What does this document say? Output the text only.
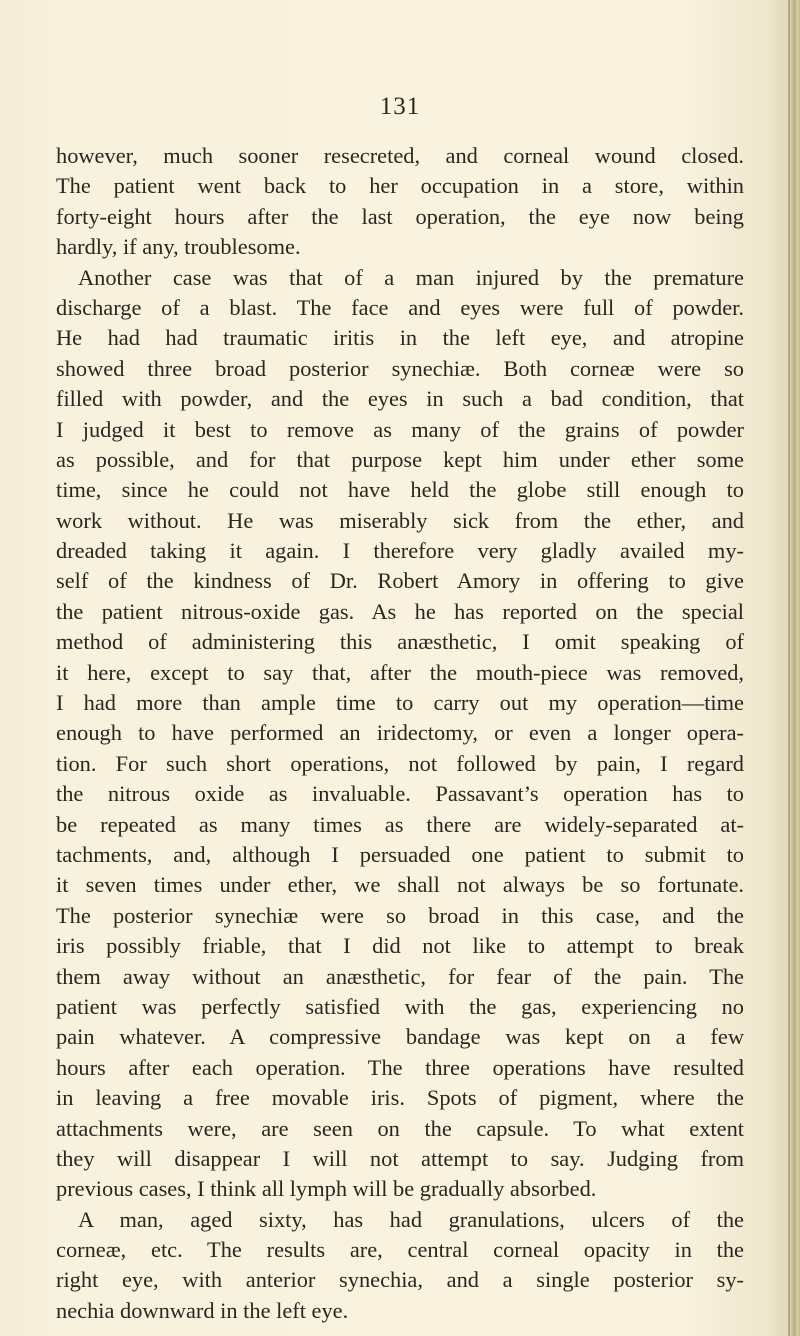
131
however, much sooner resecreted, and corneal wound closed.
The patient went back to her occupation in a store, within
forty-eight hours after the last operation, the eye now being
hardly, if any, troublesome.
Another case was that of a man injured by the premature
discharge of a blast. The face and eyes were full of powder.
He had had traumatic iritis in the left eye, and atropine
showed three broad posterior synechiæ. Both corneæ were so
filled with powder, and the eyes in such a bad condition, that
I judged it best to remove as many of the grains of powder
as possible, and for that purpose kept him under ether some
time, since he could not have held the globe still enough to
work without. He was miserably sick from the ether, and
dreaded taking it again. I therefore very gladly availed my-
self of the kindness of Dr. Robert Amory in offering to give
the patient nitrous-oxide gas. As he has reported on the special
method of administering this anæsthetic, I omit speaking of
it here, except to say that, after the mouth-piece was removed,
I had more than ample time to carry out my operation—time
enough to have performed an iridectomy, or even a longer opera-
tion. For such short operations, not followed by pain, I regard
the nitrous oxide as invaluable. Passavant’s operation has to
be repeated as many times as there are widely-separated at-
tachments, and, although I persuaded one patient to submit to
it seven times under ether, we shall not always be so fortunate.
The posterior synechiæ were so broad in this case, and the
iris possibly friable, that I did not like to attempt to break
them away without an anæsthetic, for fear of the pain. The
patient was perfectly satisfied with the gas, experiencing no
pain whatever. A compressive bandage was kept on a few
hours after each operation. The three operations have resulted
in leaving a free movable iris. Spots of pigment, where the
attachments were, are seen on the capsule. To what extent
they will disappear I will not attempt to say. Judging from
previous cases, I think all lymph will be gradually absorbed.
A man, aged sixty, has had granulations, ulcers of the
corneæ, etc. The results are, central corneal opacity in the
right eye, with anterior synechia, and a single posterior sy-
nechia downward in the left eye.
